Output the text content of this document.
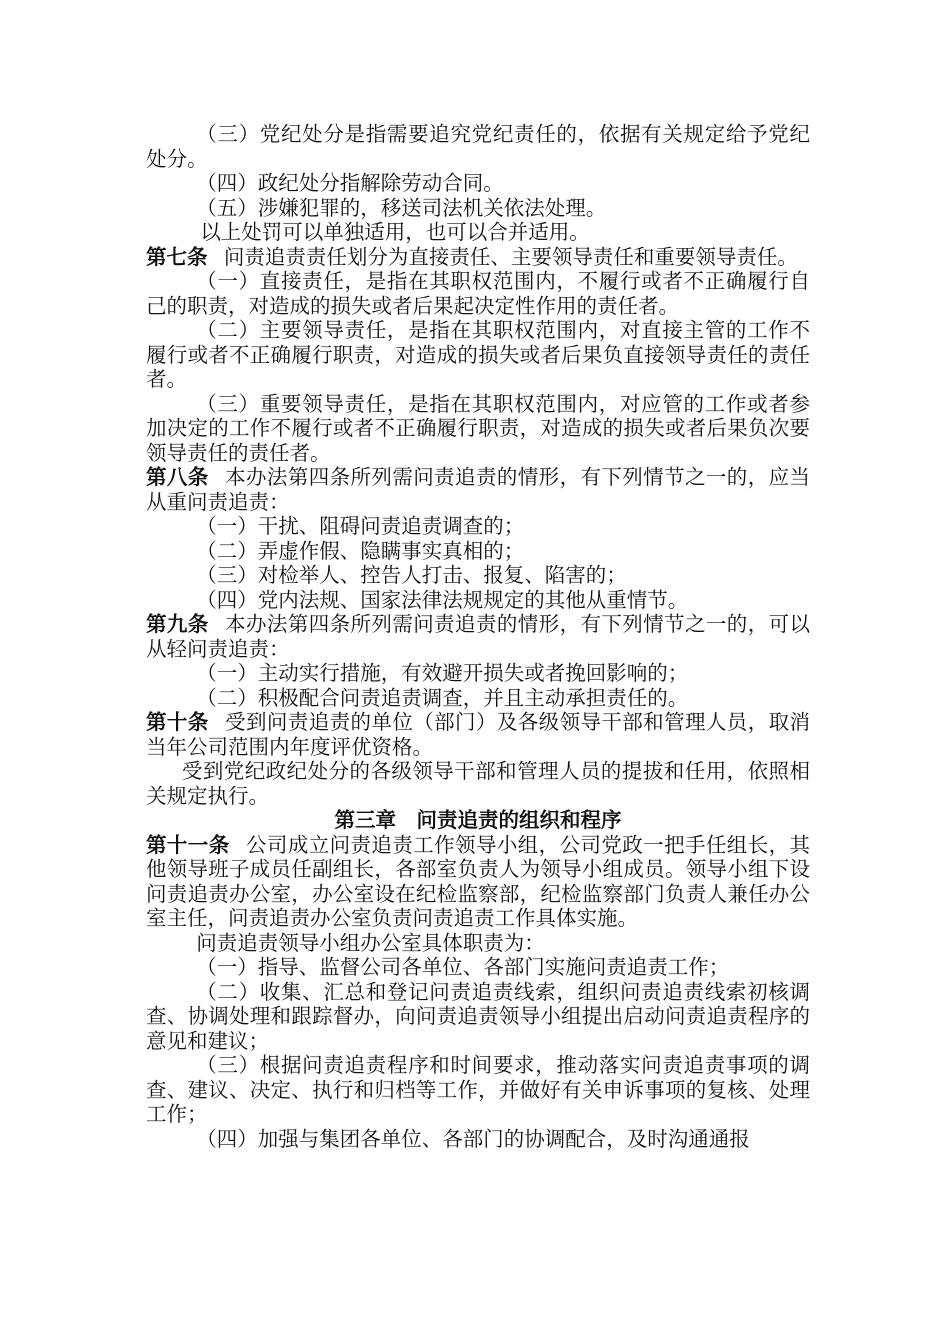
（三）党纪处分是指需要追究党纪责任的，依据有关规定给予党纪处分。

（四）政纪处分指解除劳动合同。

（五）涉嫌犯罪的，移送司法机关依法处理。

以上处罚可以单独适用，也可以合并适用。

第七条 问责追责责任划分为直接责任、主要领导责任和重要领导责任。

（一）直接责任，是指在其职权范围内，不履行或者不正确履行自己的职责，对造成的损失或者后果起决定性作用的责任者。

（二）主要领导责任，是指在其职权范围内，对直接主管的工作不履行或者不正确履行职责，对造成的损失或者后果负直接领导责任的责任者。

（三）重要领导责任，是指在其职权范围内，对应管的工作或者参加决定的工作不履行或者不正确履行职责，对造成的损失或者后果负次要领导责任的责任者。

第八条 本办法第四条所列需问责追责的情形，有下列情节之一的，应当从重问责追责：

（一）干扰、阻碍问责追责调查的；

（二）弄虚作假、隐瞒事实真相的；

（三）对检举人、控告人打击、报复、陷害的；

（四）党内法规、国家法律法规规定的其他从重情节。

第九条 本办法第四条所列需问责追责的情形，有下列情节之一的，可以从轻问责追责：

（一）主动实行措施，有效避开损失或者挽回影响的；

（二）积极配合问责追责调查，并且主动承担责任的。

第十条 受到问责追责的单位（部门）及各级领导干部和管理人员，取消当年公司范围内年度评优资格。

受到党纪政纪处分的各级领导干部和管理人员的提拔和任用，依照相关规定执行。

第三章 问责追责的组织和程序

第十一条 公司成立问责追责工作领导小组，公司党政一把手任组长，其他领导班子成员任副组长，各部室负责人为领导小组成员。领导小组下设问责追责办公室，办公室设在纪检监察部，纪检监察部门负责人兼任办公室主任，问责追责办公室负责问责追责工作具体实施。

问责追责领导小组办公室具体职责为：

（一）指导、监督公司各单位、各部门实施问责追责工作；

（二）收集、汇总和登记问责追责线索，组织问责追责线索初核调查、协调处理和跟踪督办，向问责追责领导小组提出启动问责追责程序的意见和建议；

（三）根据问责追责程序和时间要求，推动落实问责追责事项的调查、建议、决定、执行和归档等工作，并做好有关申诉事项的复核、处理工作；

（四）加强与集团各单位、各部门的协调配合，及时沟通通报
